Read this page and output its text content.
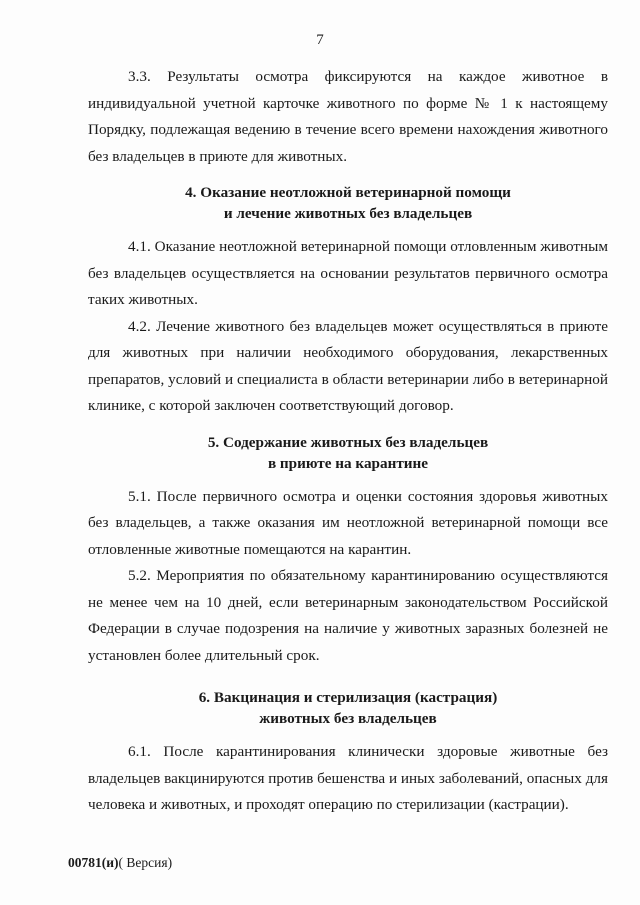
7

3.3. Результаты осмотра фиксируются на каждое животное в индивидуальной учетной карточке животного по форме № 1 к настоящему Порядку, подлежащая ведению в течение всего времени нахождения животного без владельцев в приюте для животных.

4. Оказание неотложной ветеринарной помощи
и лечение животных без владельцев

4.1. Оказание неотложной ветеринарной помощи отловленным животным без владельцев осуществляется на основании результатов первичного осмотра таких животных.

4.2. Лечение животного без владельцев может осуществляться в приюте для животных при наличии необходимого оборудования, лекарственных препаратов, условий и специалиста в области ветеринарии либо в ветеринарной клинике, с которой заключен соответствующий договор.

5. Содержание животных без владельцев
в приюте на карантине

5.1. После первичного осмотра и оценки состояния здоровья животных без владельцев, а также оказания им неотложной ветеринарной помощи все отловленные животные помещаются на карантин.

5.2. Мероприятия по обязательному карантинированию осуществляются не менее чем на 10 дней, если ветеринарным законодательством Российской Федерации в случае подозрения на наличие у животных заразных болезней не установлен более длительный срок.

6. Вакцинация и стерилизация (кастрация)
животных без владельцев

6.1. После карантинирования клинически здоровые животные без владельцев вакцинируются против бешенства и иных заболеваний, опасных для человека и животных, и проходят операцию по стерилизации (кастрации).

00781(и)( Версия)
